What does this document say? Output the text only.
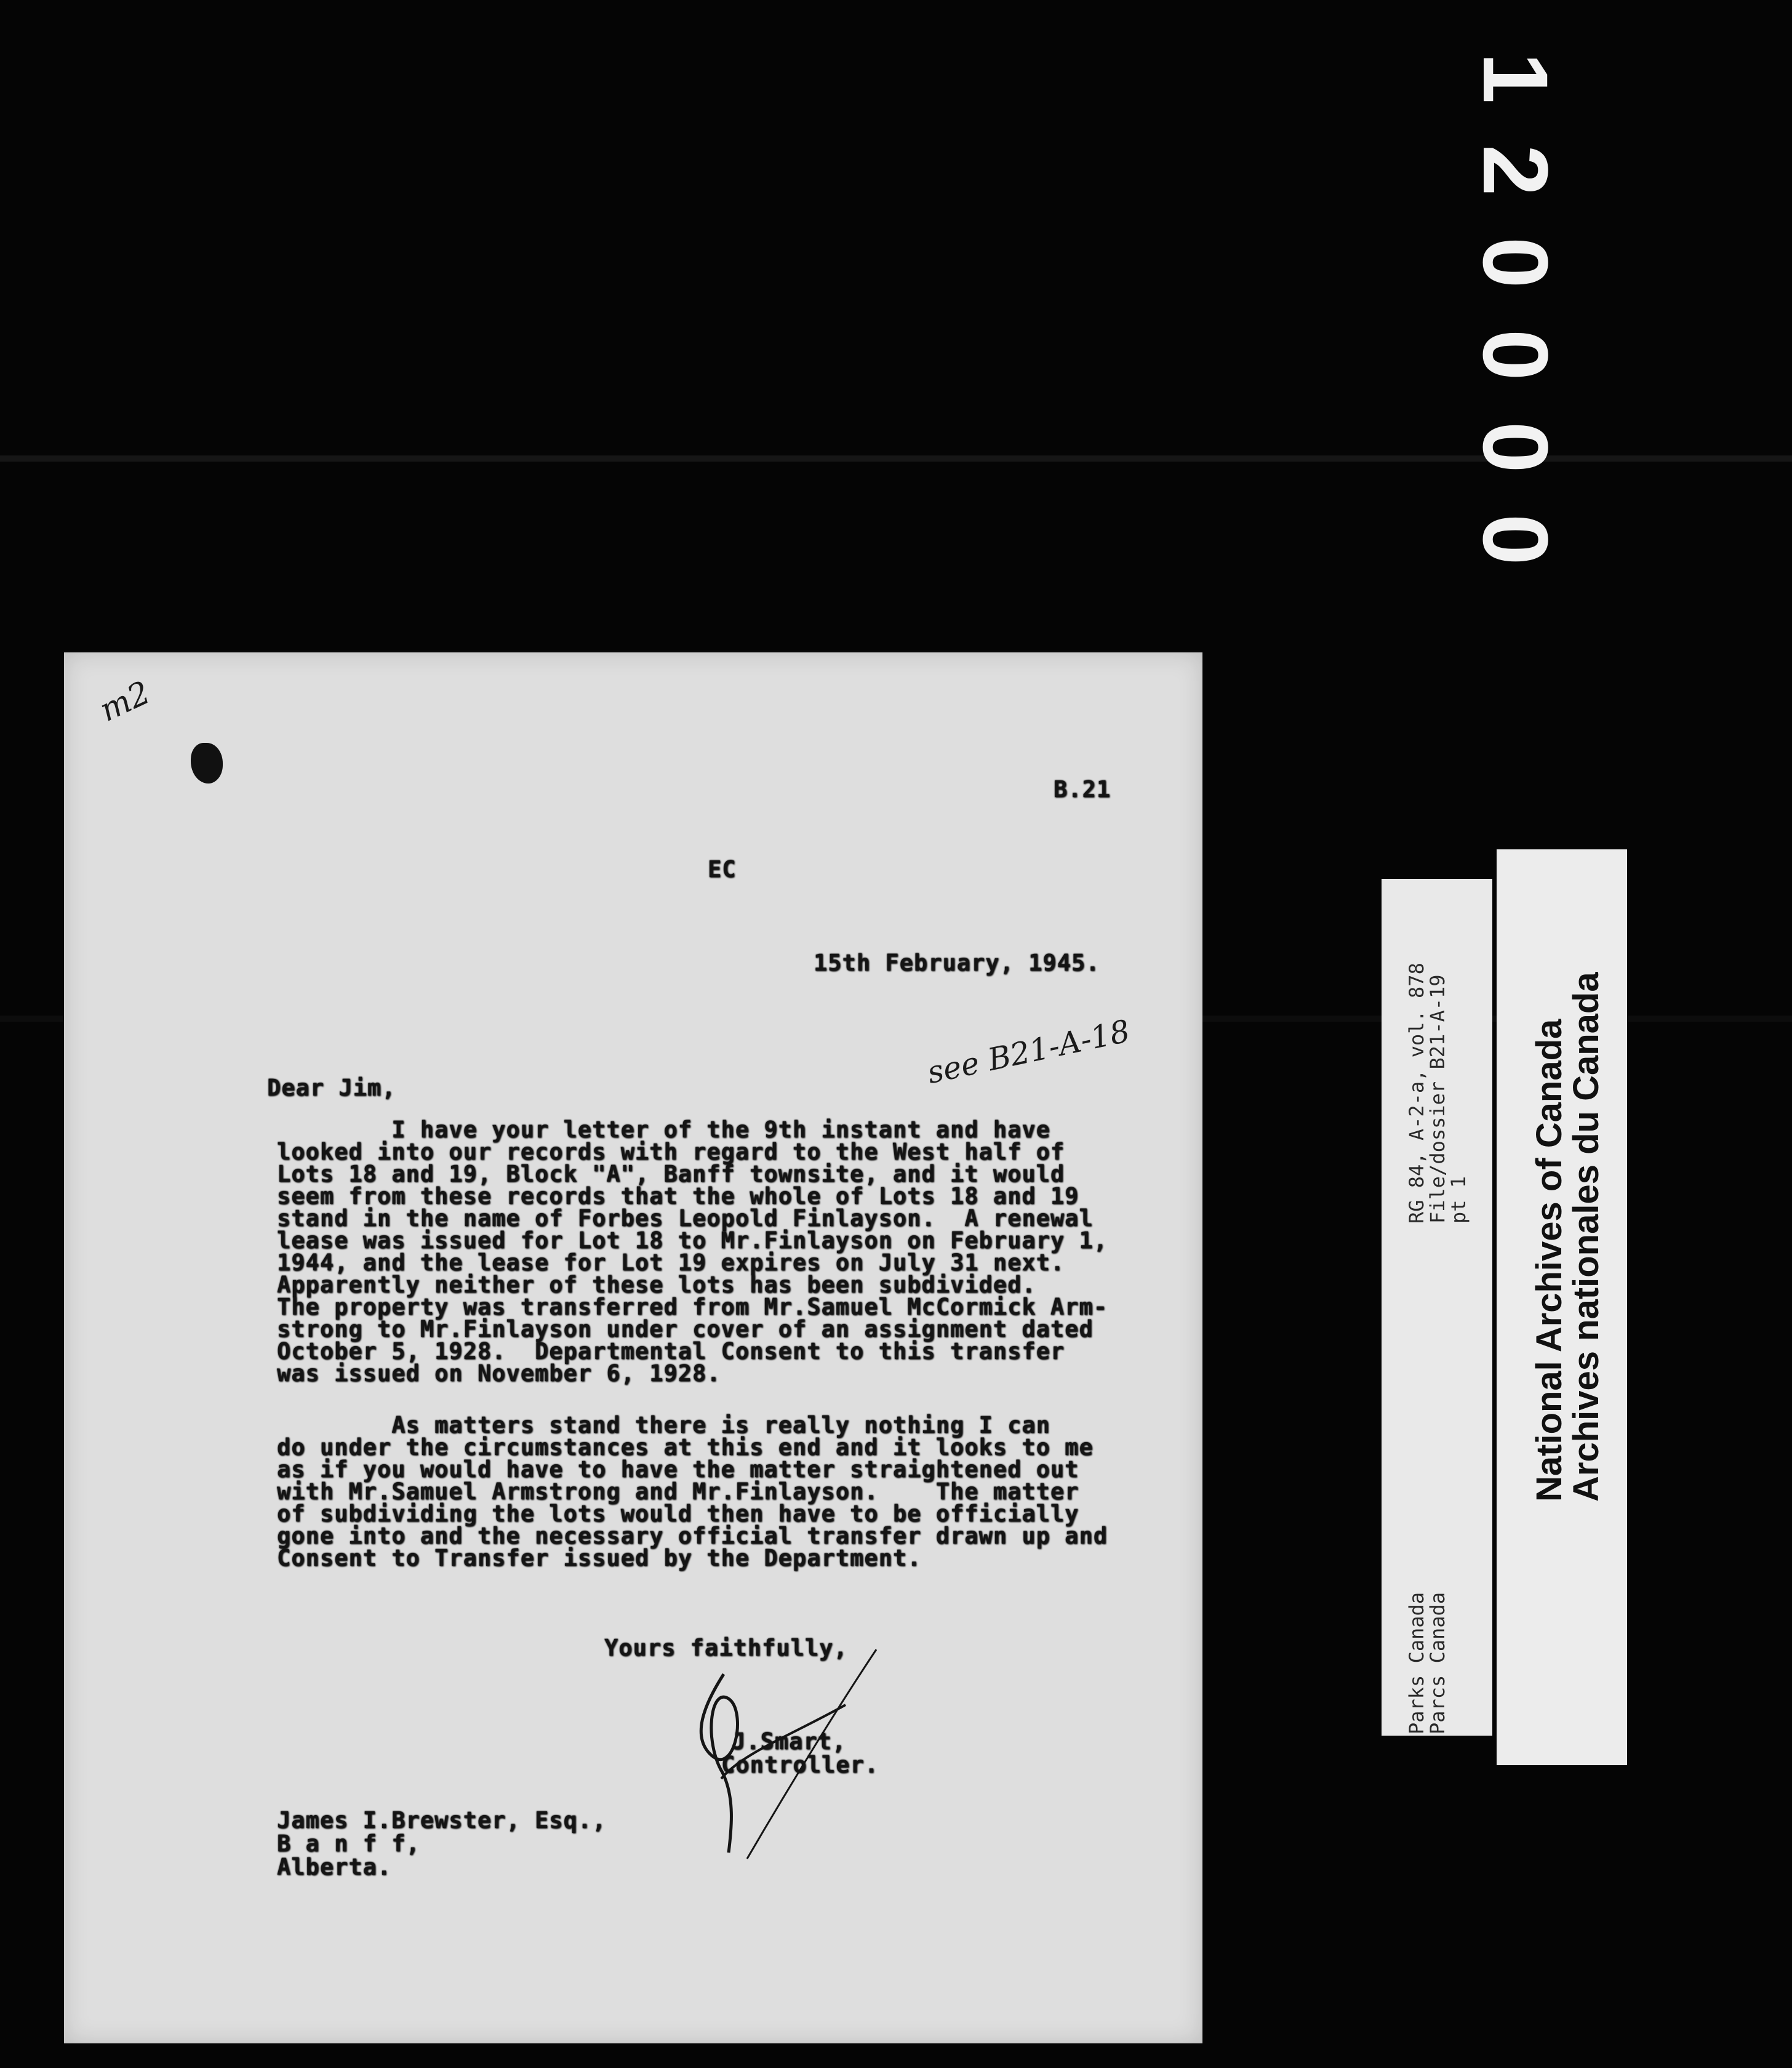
1
2
0
0
0
0
m2
B.21
EC
15th February, 1945.
see B21-A-18
Dear Jim,
I have your letter of the 9th instant and have
looked into our records with regard to the West half of
Lots 18 and 19, Block "A", Banff townsite, and it would
seem from these records that the whole of Lots 18 and 19
stand in the name of Forbes Leopold Finlayson.  A renewal
lease was issued for Lot 18 to Mr.Finlayson on February 1,
1944, and the lease for Lot 19 expires on July 31 next.
Apparently neither of these lots has been subdivided.
The property was transferred from Mr.Samuel McCormick Arm-
strong to Mr.Finlayson under cover of an assignment dated
October 5, 1928.  Departmental Consent to this transfer
was issued on November 6, 1928.
As matters stand there is really nothing I can
do under the circumstances at this end and it looks to me
as if you would have to have the matter straightened out
with Mr.Samuel Armstrong and Mr.Finlayson.    The matter
of subdividing the lots would then have to be officially
gone into and the necessary official transfer drawn up and
Consent to Transfer issued by the Department.
Yours faithfully,
J.Smart,
Controller.
James I.Brewster, Esq.,
B a n f f,
Alberta.
RG 84, A-2-a, vol. 878
File/dossier B21-A-19
pt 1
Parks Canada
Parcs Canada
National Archives of Canada
Archives nationales du Canada
